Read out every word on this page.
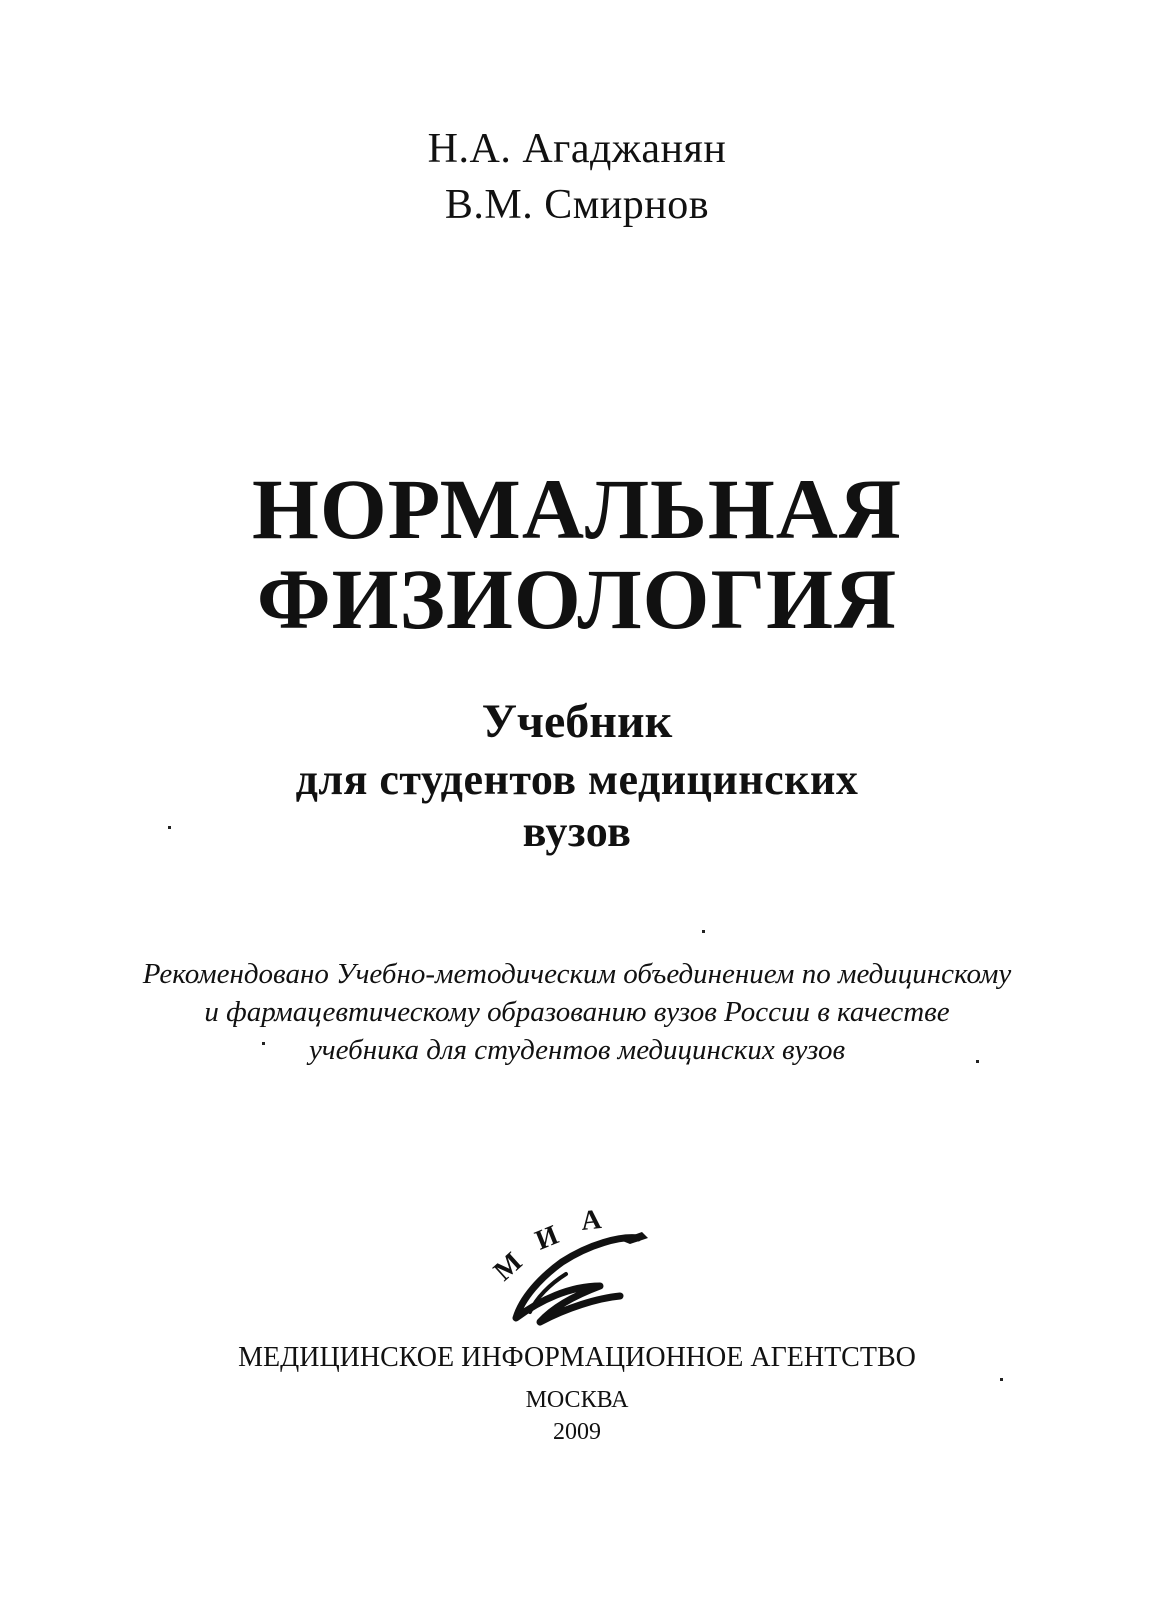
Н.А. Агаджанян

В.М. Смирнов

НОРМАЛЬНАЯ

ФИЗИОЛОГИЯ

Учебник

для студентов медицинских

вузов

Рекомендовано Учебно-методическим объединением по медицинскому

и фармацевтическому образованию вузов России в качестве

учебника для студентов медицинских вузов

М
И А

МЕДИЦИНСКОЕ ИНФОРМАЦИОННОЕ АГЕНТСТВО

МОСКВА

2009
